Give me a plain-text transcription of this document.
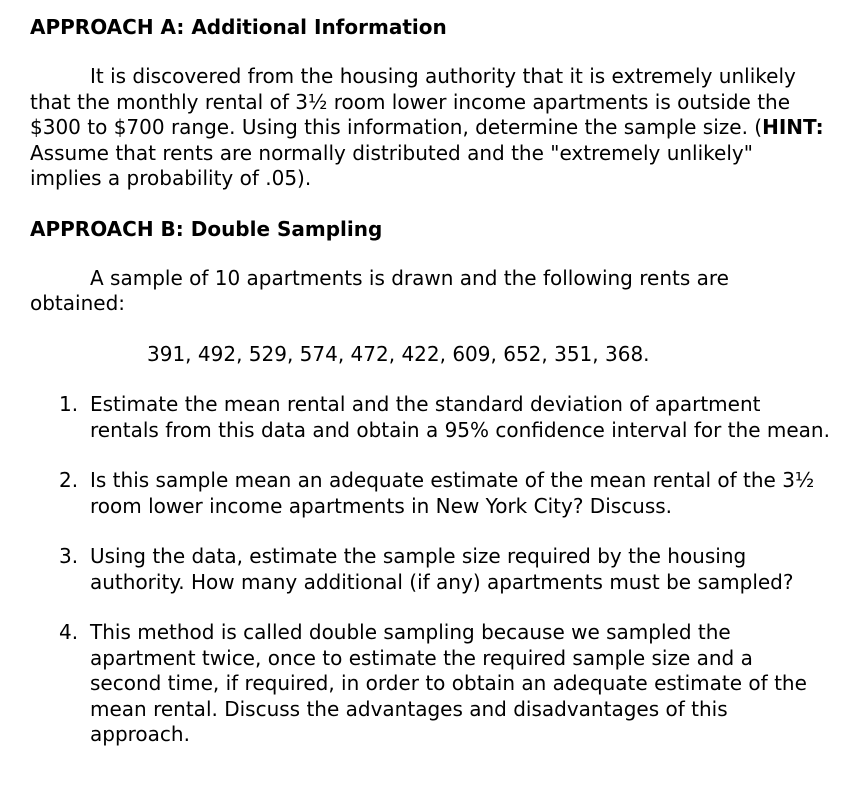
APPROACH A: Additional Information

It is discovered from the housing authority that it is extremely unlikely that the monthly rental of 3½ room lower income apartments is outside the $300 to $700 range. Using this information, determine the sample size. (HINT: Assume that rents are normally distributed and the "extremely unlikely" implies a probability of .05).

APPROACH B: Double Sampling

A sample of 10 apartments is drawn and the following rents are obtained:

391, 492, 529, 574, 472, 422, 609, 652, 351, 368.

1. Estimate the mean rental and the standard deviation of apartment rentals from this data and obtain a 95% confidence interval for the mean.
2. Is this sample mean an adequate estimate of the mean rental of the 3½ room lower income apartments in New York City? Discuss.
3. Using the data, estimate the sample size required by the housing authority. How many additional (if any) apartments must be sampled?
4. This method is called double sampling because we sampled the apartment twice, once to estimate the required sample size and a second time, if required, in order to obtain an adequate estimate of the mean rental. Discuss the advantages and disadvantages of this approach.
